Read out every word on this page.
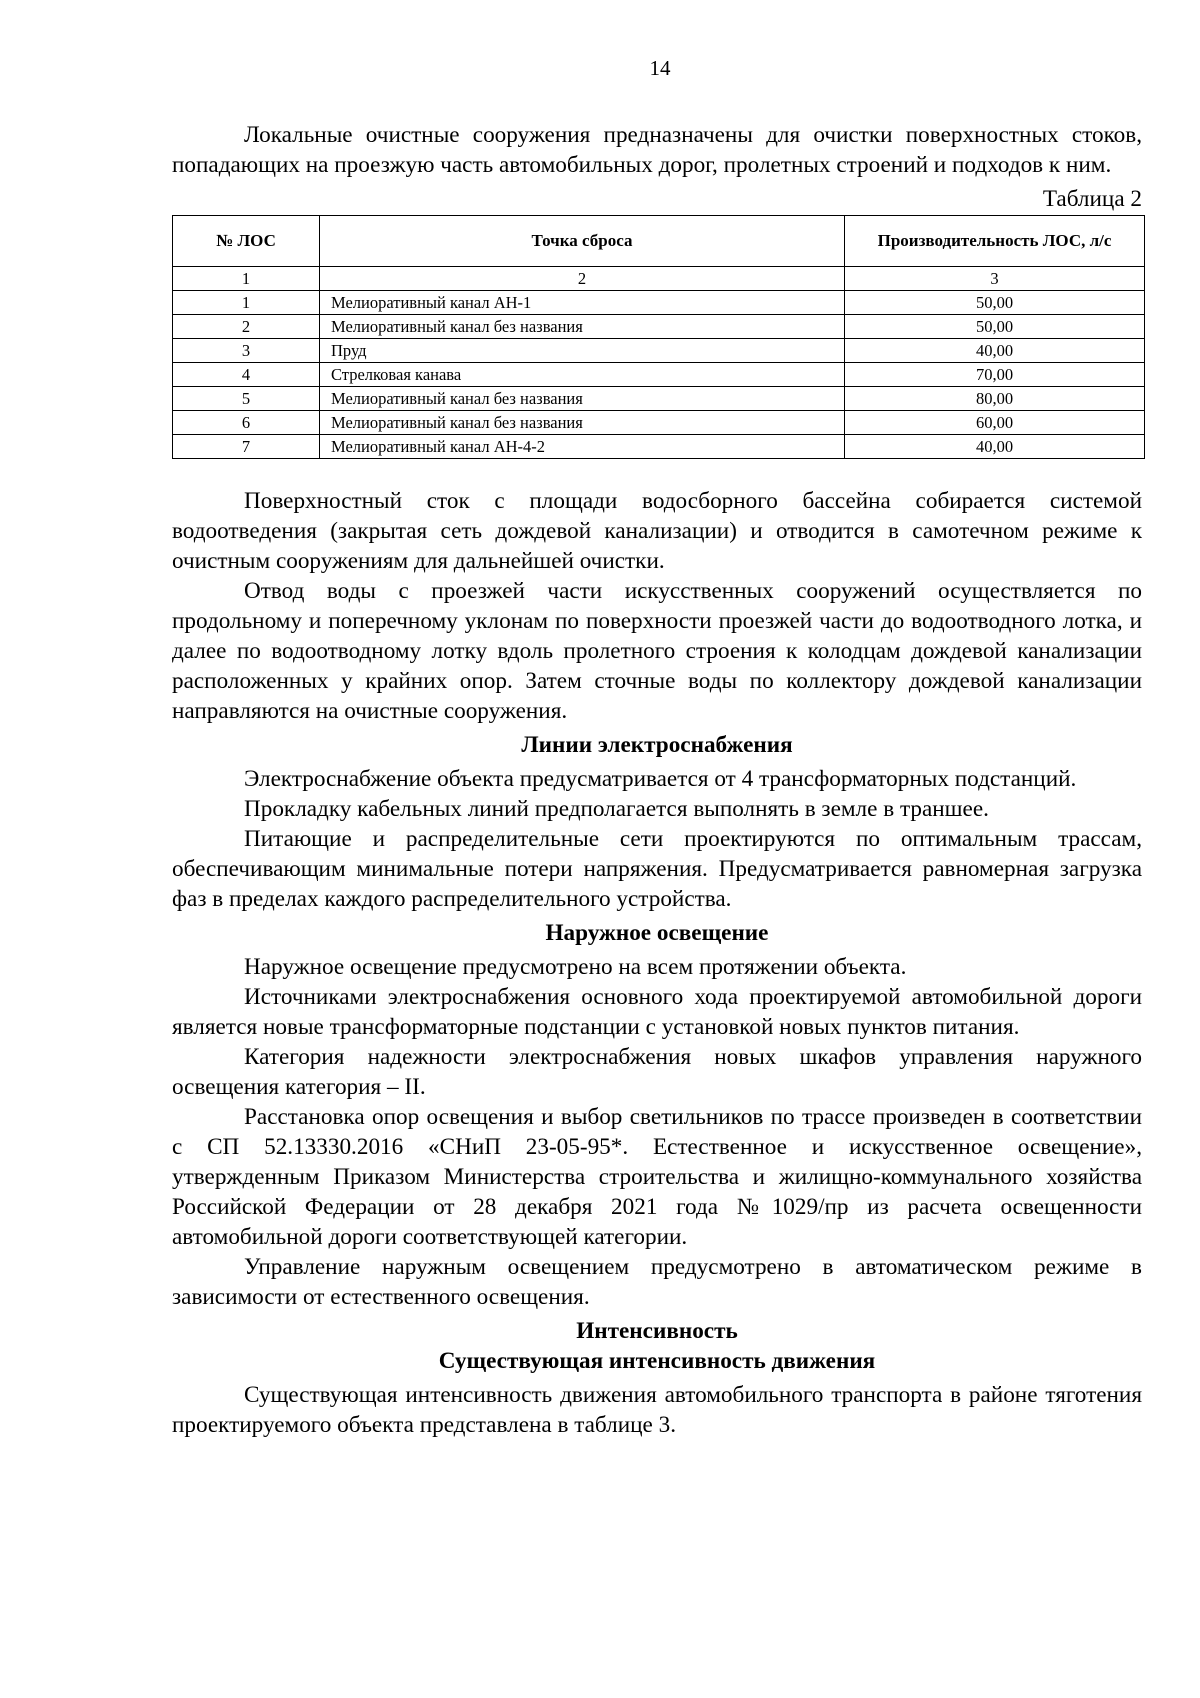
14

Локальные очистные сооружения предназначены для очистки поверхностных стоков, попадающих на проезжую часть автомобильных дорог, пролетных строений и подходов к ним.

Таблица 2
№ ЛОС	Точка сброса	Производительность ЛОС, л/с
1	2	3
1	Мелиоративный канал АН-1	50,00
2	Мелиоративный канал без названия	50,00
3	Пруд	40,00
4	Стрелковая канава	70,00
5	Мелиоративный канал без названия	80,00
6	Мелиоративный канал без названия	60,00
7	Мелиоративный канал АН-4-2	40,00

Поверхностный сток с площади водосборного бассейна собирается системой водоотведения (закрытая сеть дождевой канализации) и отводится в самотечном режиме к очистным сооружениям для дальнейшей очистки.

Отвод воды с проезжей части искусственных сооружений осуществляется по продольному и поперечному уклонам по поверхности проезжей части до водоотводного лотка, и далее по водоотводному лотку вдоль пролетного строения к колодцам дождевой канализации расположенных у крайних опор. Затем сточные воды по коллектору дождевой канализации направляются на очистные сооружения.

Линии электроснабжения

Электроснабжение объекта предусматривается от 4 трансформаторных подстанций.

Прокладку кабельных линий предполагается выполнять в земле в траншее.

Питающие и распределительные сети проектируются по оптимальным трассам, обеспечивающим минимальные потери напряжения. Предусматривается равномерная загрузка фаз в пределах каждого распределительного устройства.

Наружное освещение

Наружное освещение предусмотрено на всем протяжении объекта.

Источниками электроснабжения основного хода проектируемой автомобильной дороги является новые трансформаторные подстанции с установкой новых пунктов питания.

Категория надежности электроснабжения новых шкафов управления наружного освещения категория – II.

Расстановка опор освещения и выбор светильников по трассе произведен в соответствии с СП 52.13330.2016 «СНиП 23-05-95*. Естественное и искусственное освещение», утвержденным Приказом Министерства строительства и жилищно-коммунального хозяйства Российской Федерации от 28 декабря 2021 года №1029/пр из расчета освещенности автомобильной дороги соответствующей категории.

Управление наружным освещением предусмотрено в автоматическом режиме в зависимости от естественного освещения.

Интенсивность
Существующая интенсивность движения

Существующая интенсивность движения автомобильного транспорта в районе тяготения проектируемого объекта представлена в таблице 3.
